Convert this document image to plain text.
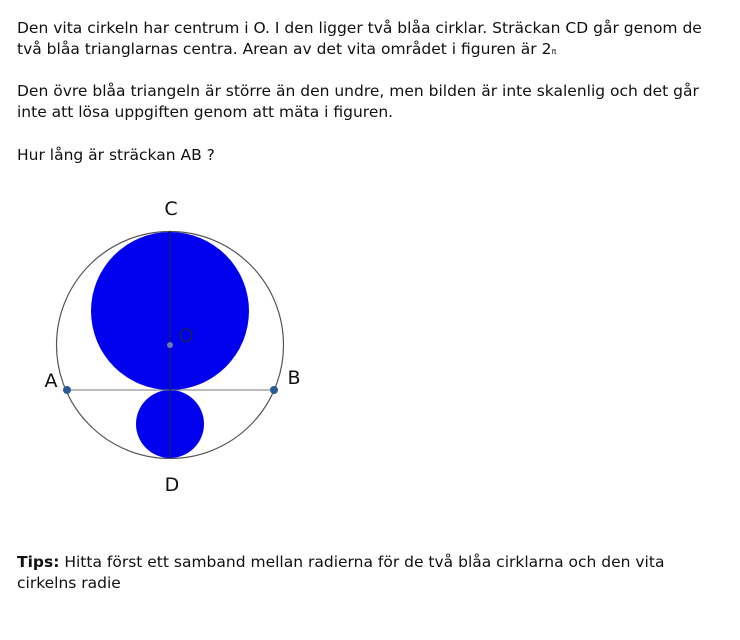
Den vita cirkeln har centrum i O. I den ligger två blåa cirklar. Sträckan CD går genom de
två blåa trianglarnas centra. Arean av det vita området i figuren är 2π
Den övre blåa triangeln är större än den undre, men bilden är inte skalenlig och det går
inte att lösa uppgiften genom att mäta i figuren.
Hur lång är sträckan AB ?
C
D
A	B
O
Tips: Hitta först ett samband mellan radierna för de två blåa cirklarna och den vita
cirkelns radie
